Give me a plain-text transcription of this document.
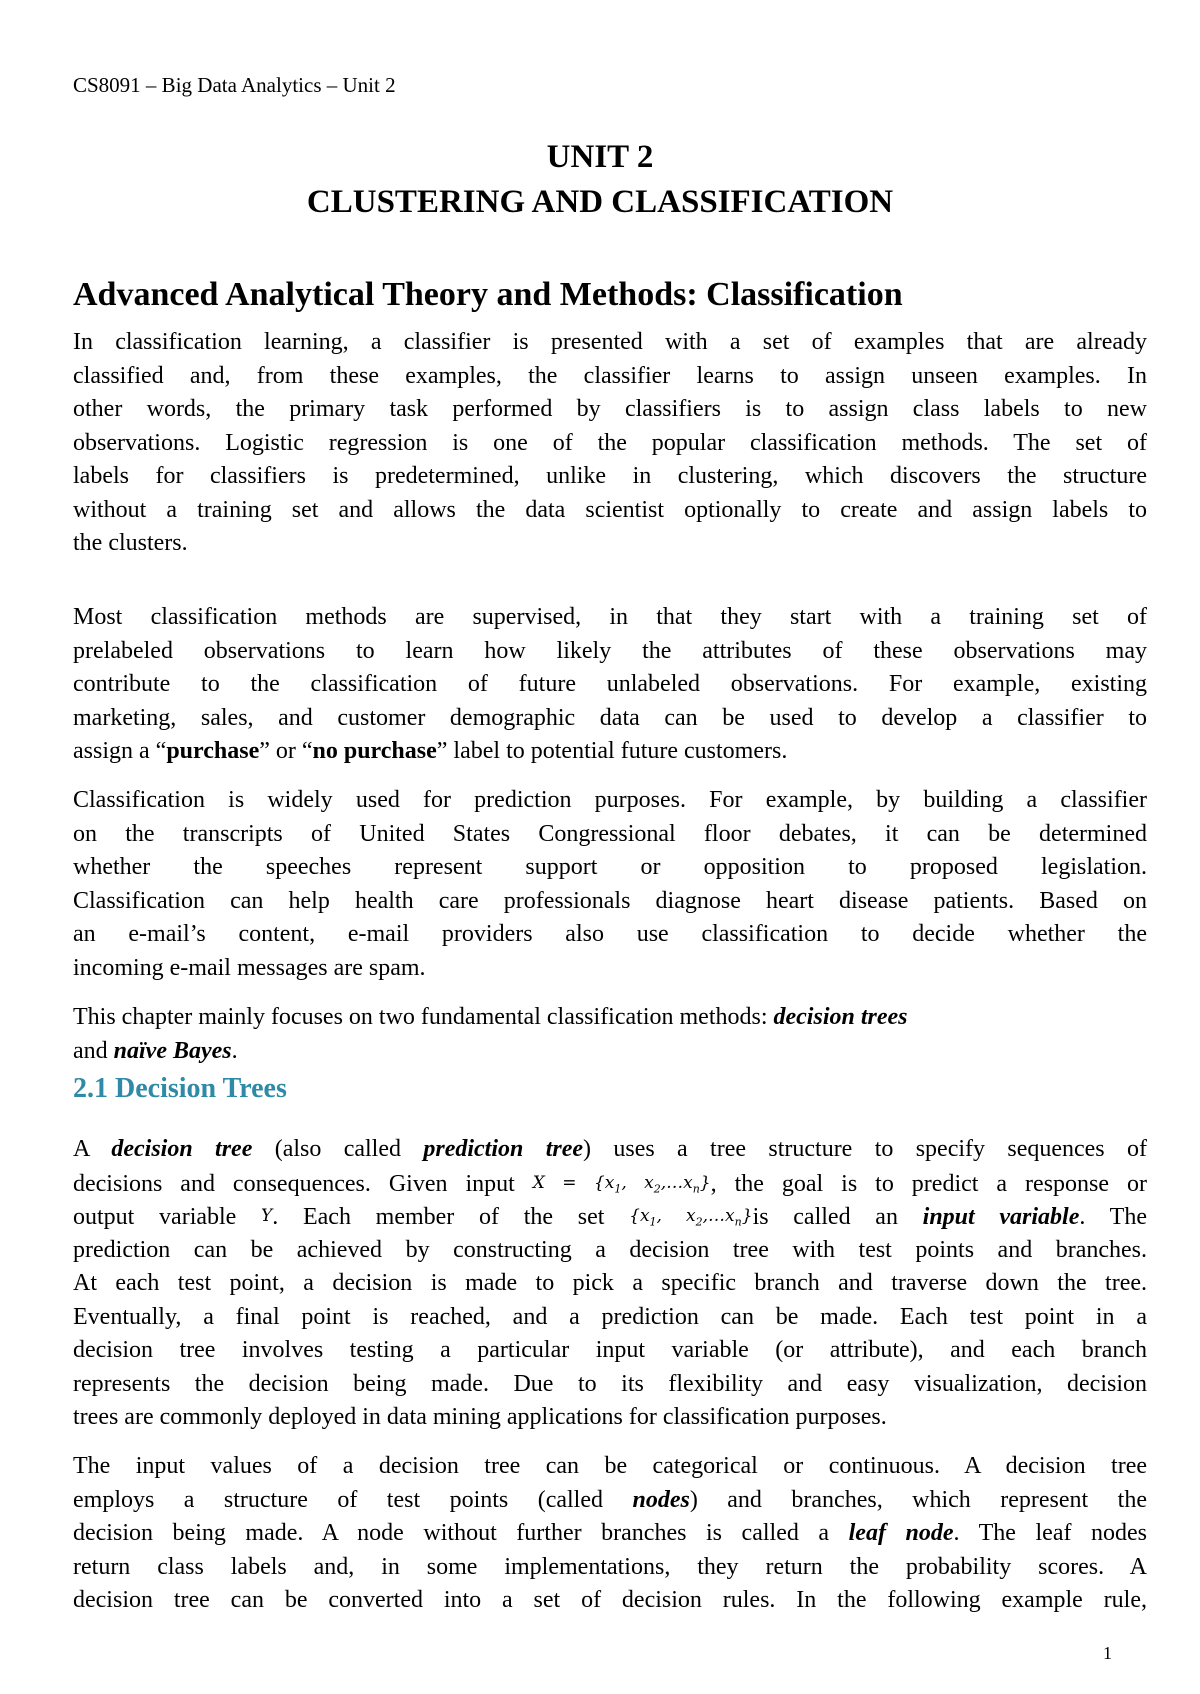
CS8091 – Big Data Analytics – Unit 2
UNIT 2
CLUSTERING AND CLASSIFICATION
Advanced Analytical Theory and Methods: Classification
In classification learning, a classifier is presented with a set of examples that are already
classified and, from these examples, the classifier learns to assign unseen examples. In
other words, the primary task performed by classifiers is to assign class labels to new
observations. Logistic regression is one of the popular classification methods. The set of
labels for classifiers is predetermined, unlike in clustering, which discovers the structure
without a training set and allows the data scientist optionally to create and assign labels to
the clusters.
Most classification methods are supervised, in that they start with a training set of
prelabeled observations to learn how likely the attributes of these observations may
contribute to the classification of future unlabeled observations. For example, existing
marketing, sales, and customer demographic data can be used to develop a classifier to
assign a “purchase” or “no purchase” label to potential future customers.
Classification is widely used for prediction purposes. For example, by building a classifier
on the transcripts of United States Congressional floor debates, it can be determined
whether the speeches represent support or opposition to proposed legislation.
Classification can help health care professionals diagnose heart disease patients. Based on
an e-mail’s content, e-mail providers also use classification to decide whether the
incoming e-mail messages are spam.
This chapter mainly focuses on two fundamental classification methods: decision trees
and naïve Bayes.
2.1 Decision Trees
A decision tree (also called prediction tree) uses a tree structure to specify sequences of
decisions and consequences. Given input $X = \{x_1$, $x_2,\dots x_n$}, the goal is to predict a response or
output variable Y. Each member of the set {$x_1$, $x_2,\dots x_n\}is$ called an input variable. The
prediction can be achieved by constructing a decision tree with test points and branches.
At each test point, a decision is made to pick a specific branch and traverse down the tree.
Eventually, a final point is reached, and a prediction can be made. Each test point in a
decision tree involves testing a particular input variable (or attribute), and each branch
represents the decision being made. Due to its flexibility and easy visualization, decision
trees are commonly deployed in data mining applications for classification purposes.
The input values of a decision tree can be categorical or continuous. A decision tree
employs a structure of test points (called nodes) and branches, which represent the
decision being made. A node without further branches is called a leaf node. The leaf nodes
return class labels and, in some implementations, they return the probability scores. A
decision tree can be converted into a set of decision rules. In the following example rule,
1
